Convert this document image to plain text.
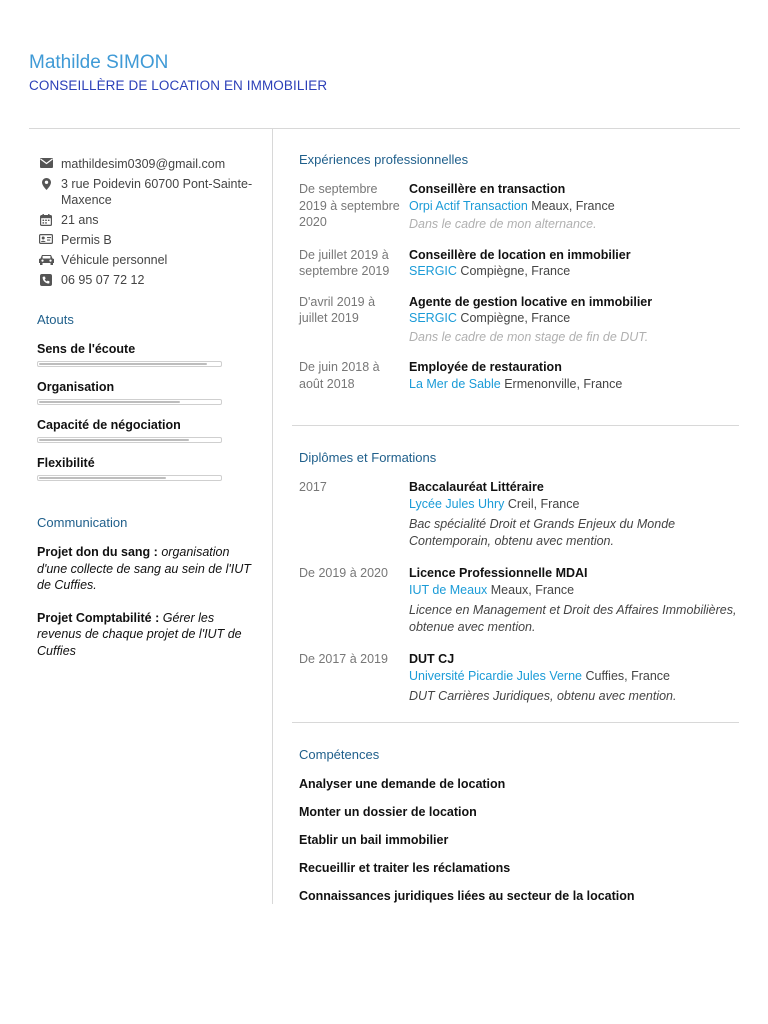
Mathilde SIMON
CONSEILLÈRE DE LOCATION EN IMMOBILIER
mathildesim0309@gmail.com
3 rue Poidevin 60700 Pont-Sainte-Maxence
21 ans
Permis B
Véhicule personnel
06 95 07 72 12
Atouts
Sens de l'écoute
Organisation
Capacité de négociation
Flexibilité
Communication
Projet don du sang : organisation d'une collecte de sang au sein de l'IUT de Cuffies.
Projet Comptabilité : Gérer les revenus de chaque projet de l'IUT de Cuffies
Expériences professionnelles
De septembre 2019 à septembre 2020
Conseillère en transaction
Orpi Actif Transaction Meaux, France
Dans le cadre de mon alternance.
De juillet 2019 à septembre 2019
Conseillère de location en immobilier
SERGIC Compiègne, France
D'avril 2019 à juillet 2019
Agente de gestion locative en immobilier
SERGIC Compiègne, France
Dans le cadre de mon stage de fin de DUT.
De juin 2018 à août 2018
Employée de restauration
La Mer de Sable Ermenonville, France
Diplômes et Formations
2017	Baccalauréat Littéraire
Lycée Jules Uhry Creil, France
Bac spécialité Droit et Grands Enjeux du Monde Contemporain, obtenu avec mention.
De 2019 à 2020	Licence Professionnelle MDAI
IUT de Meaux Meaux, France
Licence en Management et Droit des Affaires Immobilières, obtenue avec mention.
De 2017 à 2019	DUT CJ
Université Picardie Jules Verne Cuffies, France
DUT Carrières Juridiques, obtenu avec mention.
Compétences
Analyser une demande de location
Monter un dossier de location
Etablir un bail immobilier
Recueillir et traiter les réclamations
Connaissances juridiques liées au secteur de la location
